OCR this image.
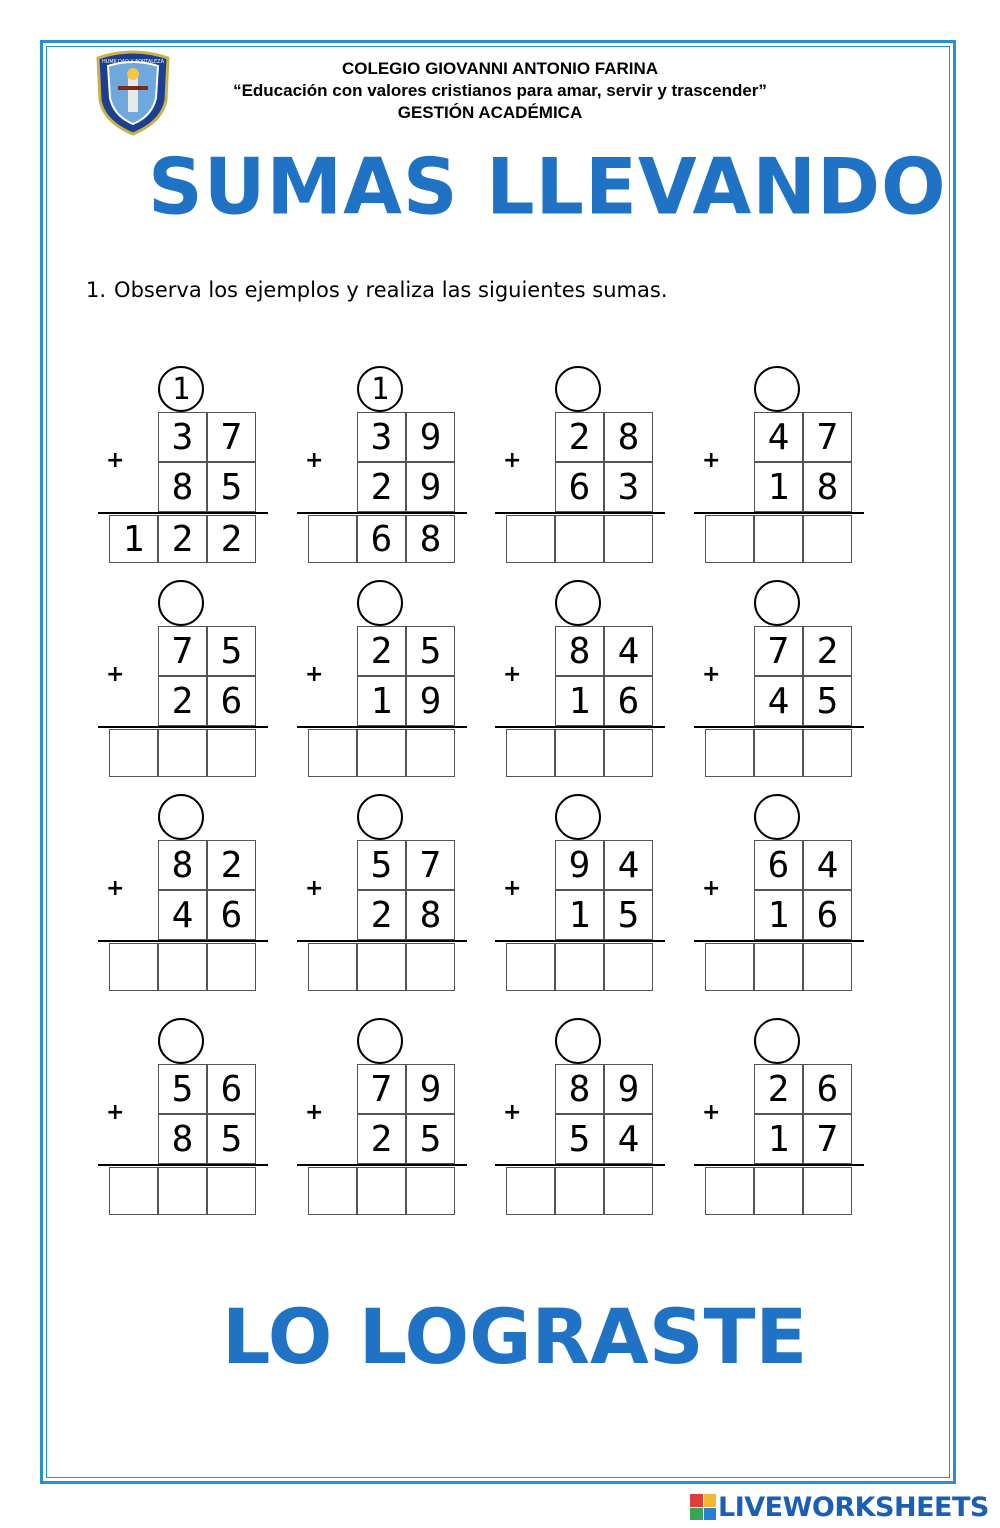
HUMILDAD Y FORTALEZA	COLEGIO GIOVANNI ANTONIO FARINA
“Educación con valores cristianos para amar, servir y trascender”
GESTIÓN ACADÉMICA
SUMAS LLEVANDO
1. Observa los ejemplos y realiza las siguientes sumas.
1
3 7
8 5
+
1 2 2
1
3 9
2 9
+
6 8
2 8
6 3
+
4 7
1 8
+
7 5
2 6
+
2 5
1 9
+
8 4
1 6
+
7 2
4 5
+
8 2
4 6
+
5 7
2 8
+
9 4
1 5
+
6 4
1 6
+
5 6
8 5
+
7 9
2 5
+
8 9
5 4
+
2 6
1 7
+
LO LOGRASTE
LIVEWORKSHEETS
